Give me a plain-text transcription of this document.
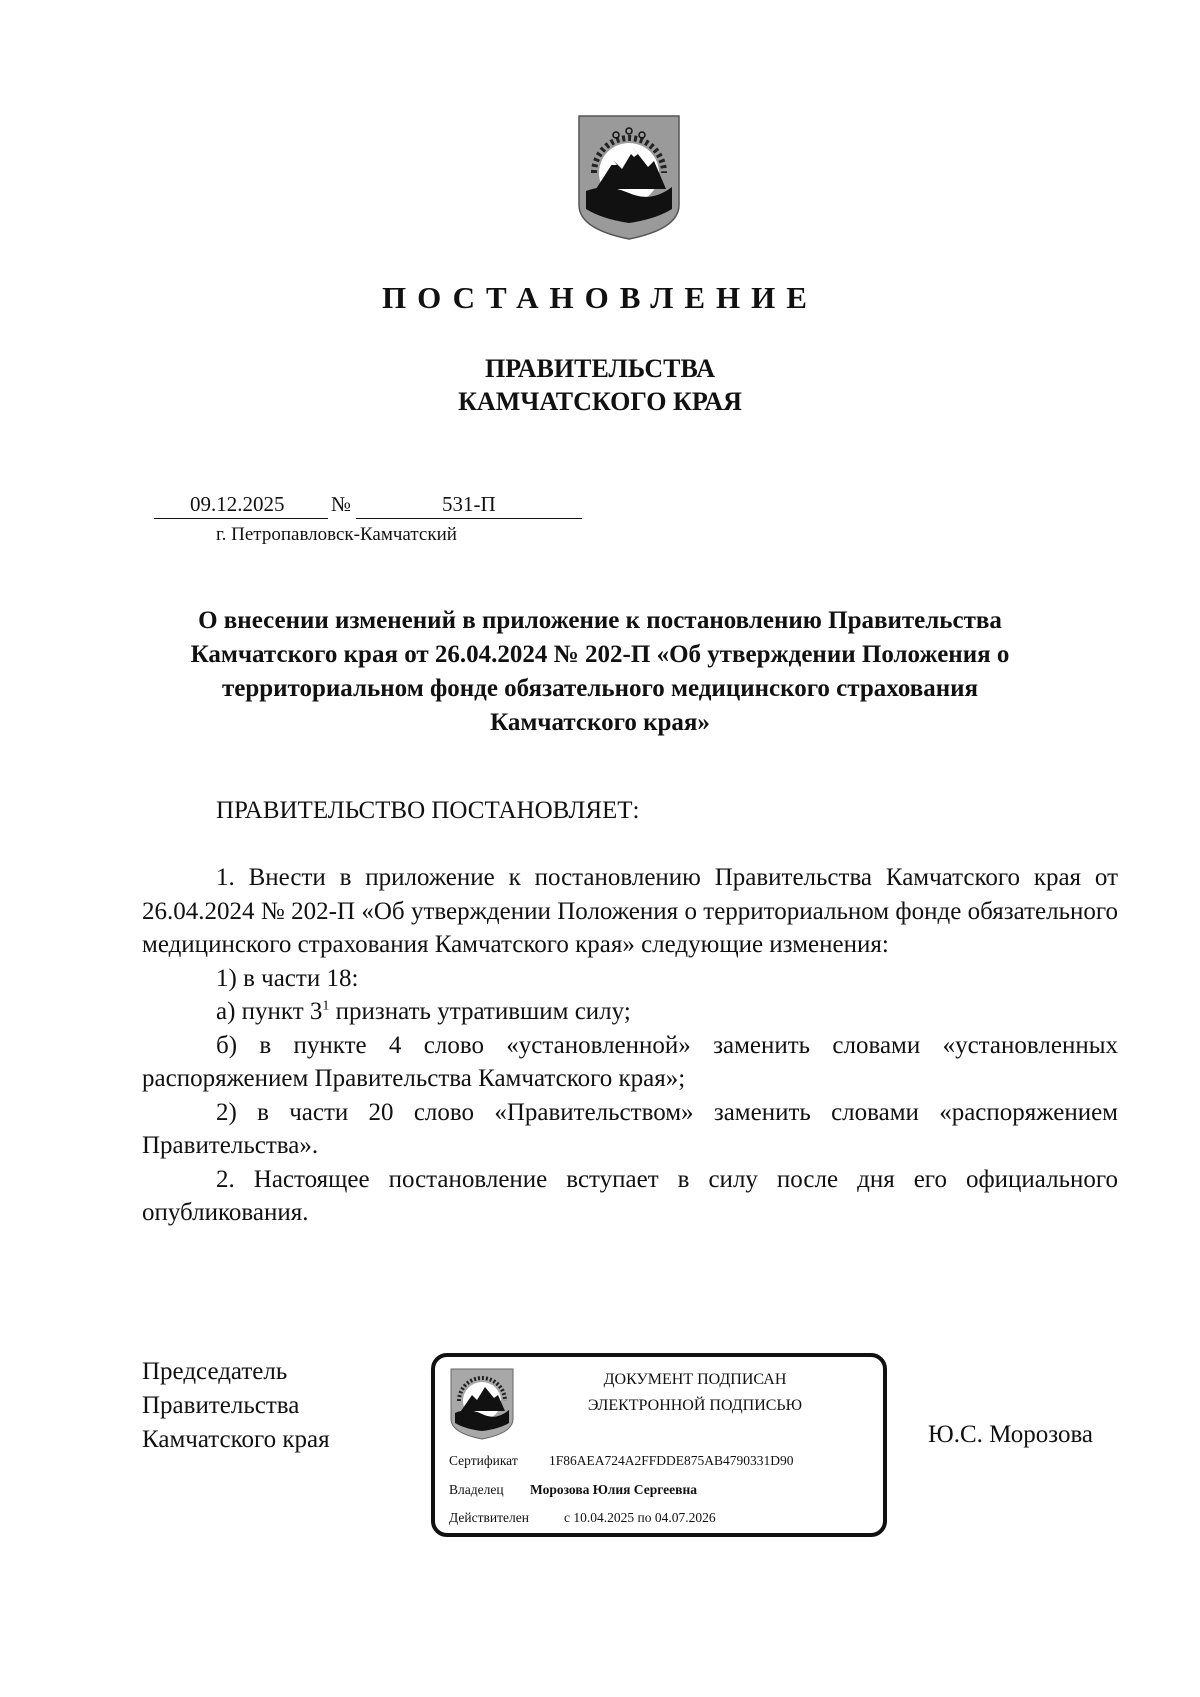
ПОСТАНОВЛЕНИЕ
ПРАВИТЕЛЬСТВА
КАМЧАТСКОГО КРАЯ
09.12.2025 №	531-П
г. Петропавловск-Камчатский
О внесении изменений в приложение к постановлению Правительства Камчатского края от 26.04.2024 № 202-П «Об утверждении Положения о территориальном фонде обязательного медицинского страхования Камчатского края»
ПРАВИТЕЛЬСТВО ПОСТАНОВЛЯЕТ:

1. Внести в приложение к постановлению Правительства Камчатского края от 26.04.2024 № 202-П «Об утверждении Положения о территориальном фонде обязательного медицинского страхования Камчатского края» следующие изменения:

1) в части 18:

а) пункт $3^1$ признать утратившим силу;

б) в пункте 4 слово «установленной» заменить словами «установленных распоряжением Правительства Камчатского края»;

2) в части 20 слово «Правительством» заменить словами «распоряжением Правительства».

2. Настоящее постановление вступает в силу после дня его официального опубликования.

Председатель
Правительства
Камчатского края
ДОКУМЕНТ ПОДПИСАН
ЭЛЕКТРОННОЙ ПОДПИСЬЮ
Сертификат 1F86AEA724A2FFDDE875AB4790331D90
Владелец Морозова Юлия Сергеевна
Действителен	с 10.04.2025 по 04.07.2026
Ю.С. Морозова
